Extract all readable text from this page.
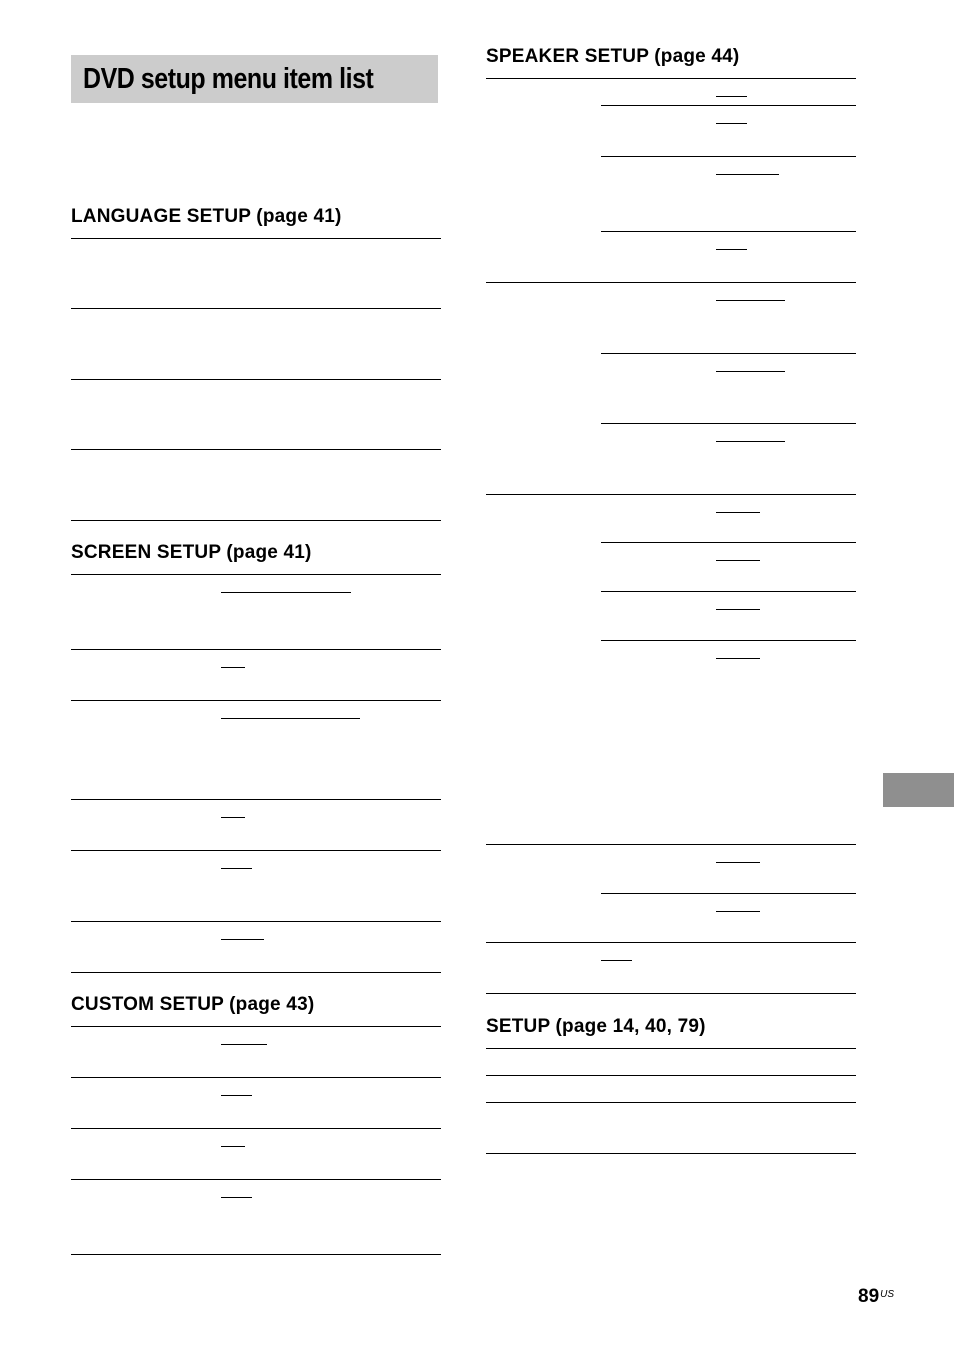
DVD setup menu item list
LANGUAGE SETUP (page 41)
SCREEN SETUP (page 41)
CUSTOM SETUP (page 43)
SPEAKER SETUP (page 44)
SETUP (page 14, 40, 79)
$89^{US}$
